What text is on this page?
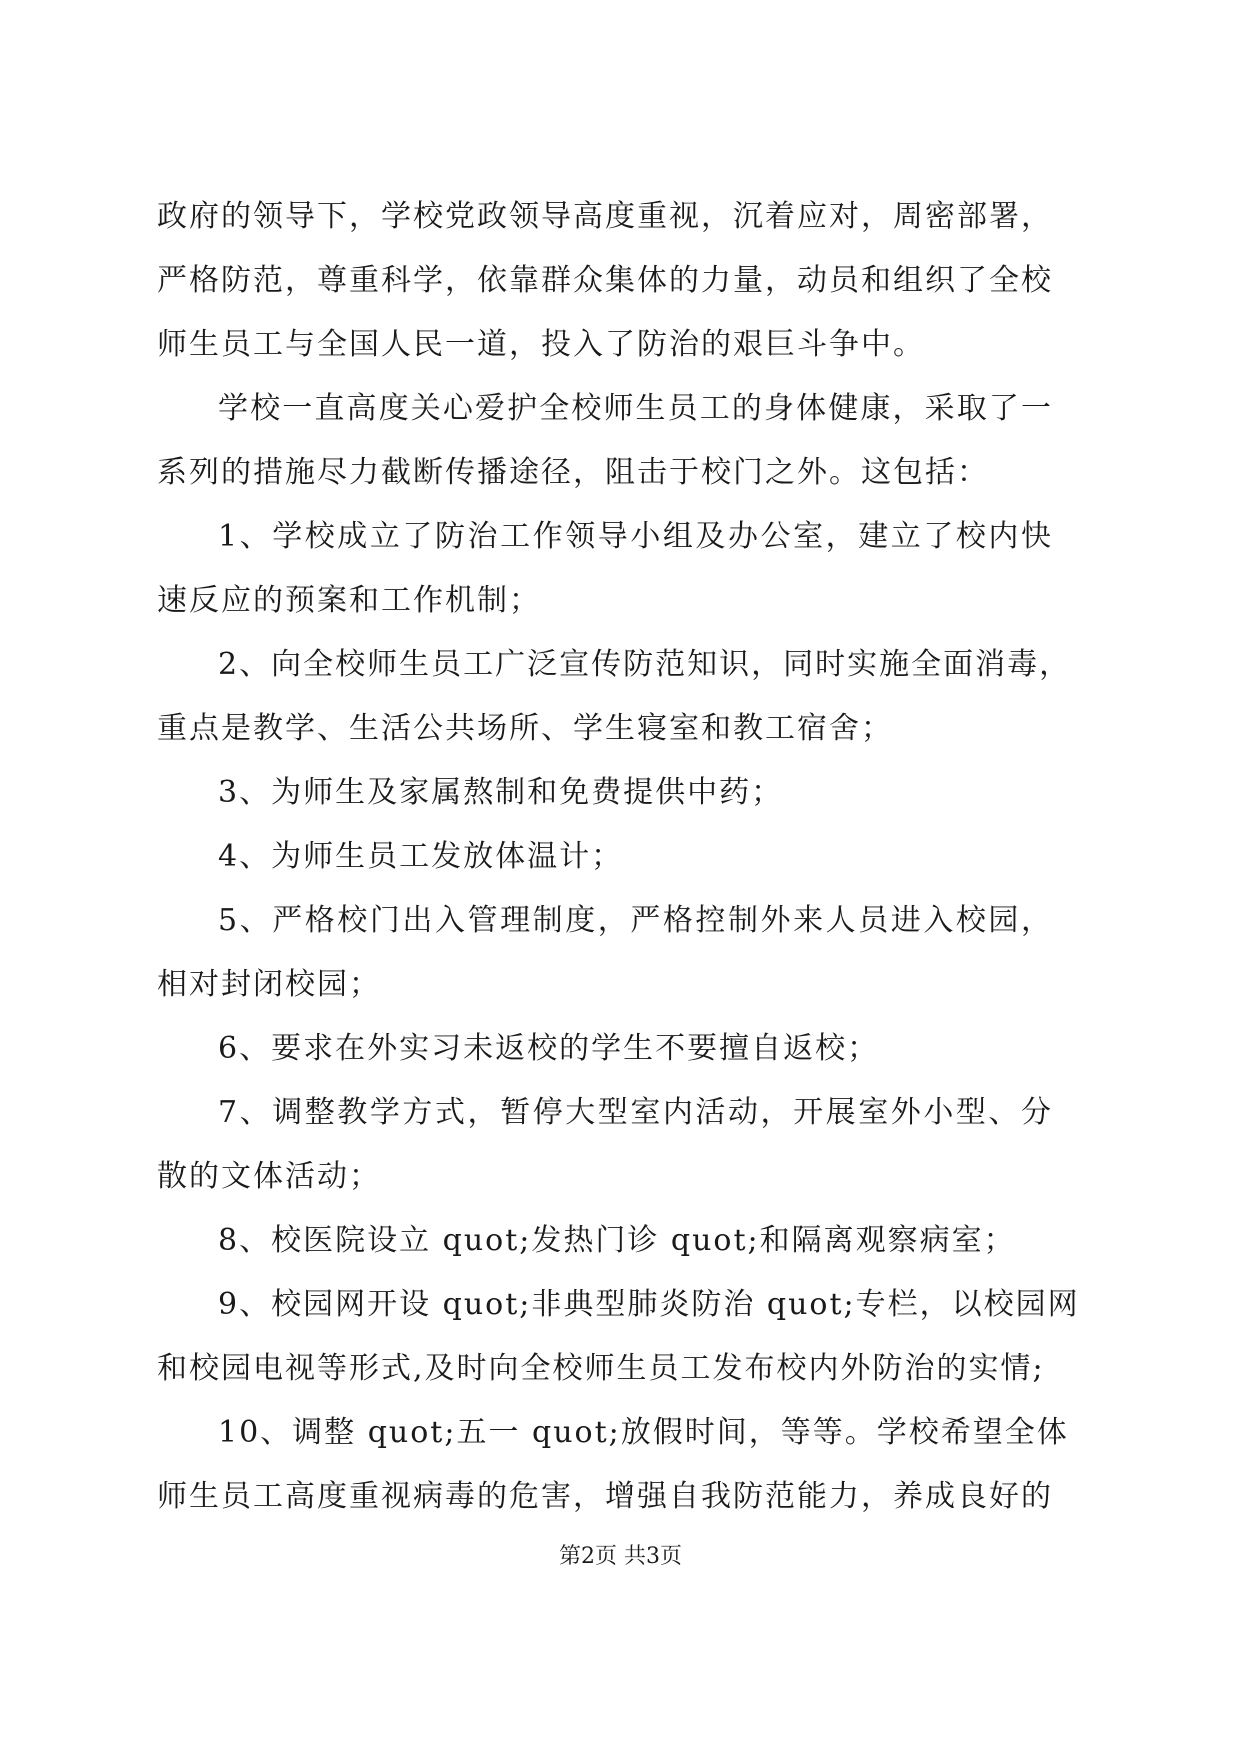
政府的领导下，学校党政领导高度重视，沉着应对，周密部署，
严格防范，尊重科学，依靠群众集体的力量，动员和组织了全校
师生员工与全国人民一道，投入了防治的艰巨斗争中。
学校一直高度关心爱护全校师生员工的身体健康，采取了一
系列的措施尽力截断传播途径，阻击于校门之外。这包括：
1、学校成立了防治工作领导小组及办公室，建立了校内快
速反应的预案和工作机制；
2、向全校师生员工广泛宣传防范知识，同时实施全面消毒，
重点是教学、生活公共场所、学生寝室和教工宿舍；
3、为师生及家属熬制和免费提供中药；
4、为师生员工发放体温计；
5、严格校门出入管理制度，严格控制外来人员进入校园，
相对封闭校园；
6、要求在外实习未返校的学生不要擅自返校；
7、调整教学方式，暂停大型室内活动，开展室外小型、分
散的文体活动；
8、校医院设立 quot;发热门诊 quot;和隔离观察病室；
9、校园网开设 quot;非典型肺炎防治 quot;专栏，以校园网
和校园电视等形式,及时向全校师生员工发布校内外防治的实情;
10、调整 quot;五一 quot;放假时间，等等。学校希望全体
师生员工高度重视病毒的危害，增强自我防范能力，养成良好的
第2页 共3页
